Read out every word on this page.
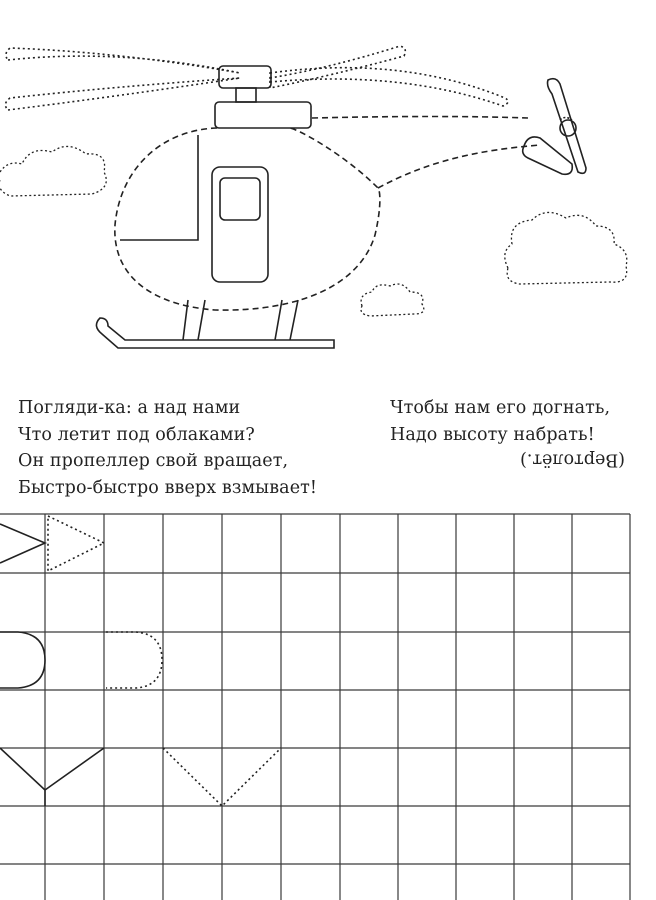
Погляди-ка: а над нами
Что летит под облаками?
Он пропеллер свой вращает,
Быстро-быстро вверх взмывает!
Чтобы нам его догнать,
Надо высоту набрать!
(Вертолёт.)
